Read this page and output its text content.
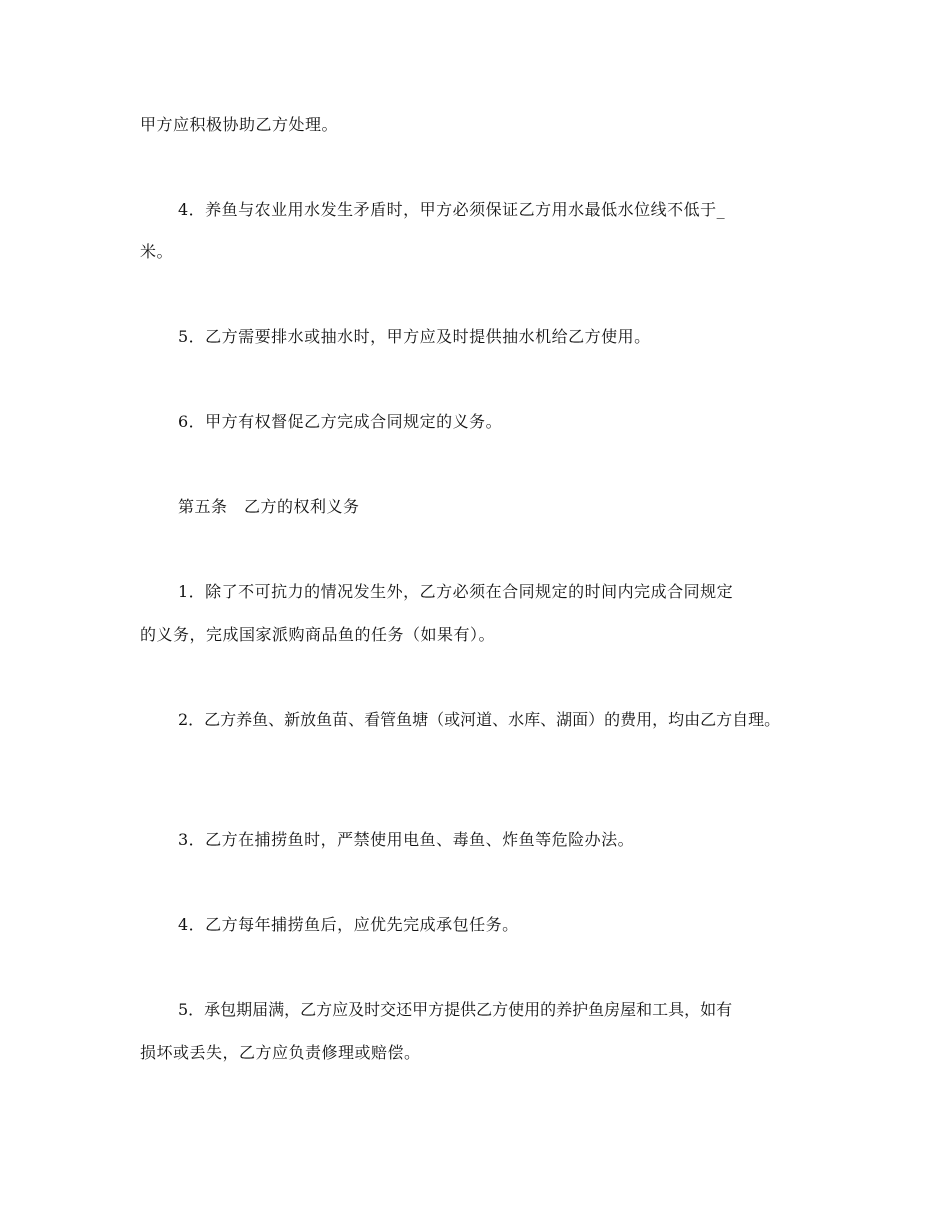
甲方应积极协助乙方处理。
4．养鱼与农业用水发生矛盾时，甲方必须保证乙方用水最低水位线不低于_
米。
5．乙方需要排水或抽水时，甲方应及时提供抽水机给乙方使用。
6．甲方有权督促乙方完成合同规定的义务。
第五条　乙方的权利义务
1．除了不可抗力的情况发生外，乙方必须在合同规定的时间内完成合同规定
的义务，完成国家派购商品鱼的任务（如果有）。
2．乙方养鱼、新放鱼苗、看管鱼塘（或河道、水库、湖面）的费用，均由乙方自理。
3．乙方在捕捞鱼时，严禁使用电鱼、毒鱼、炸鱼等危险办法。
4．乙方每年捕捞鱼后，应优先完成承包任务。
5．承包期届满，乙方应及时交还甲方提供乙方使用的养护鱼房屋和工具，如有
损坏或丢失，乙方应负责修理或赔偿。
